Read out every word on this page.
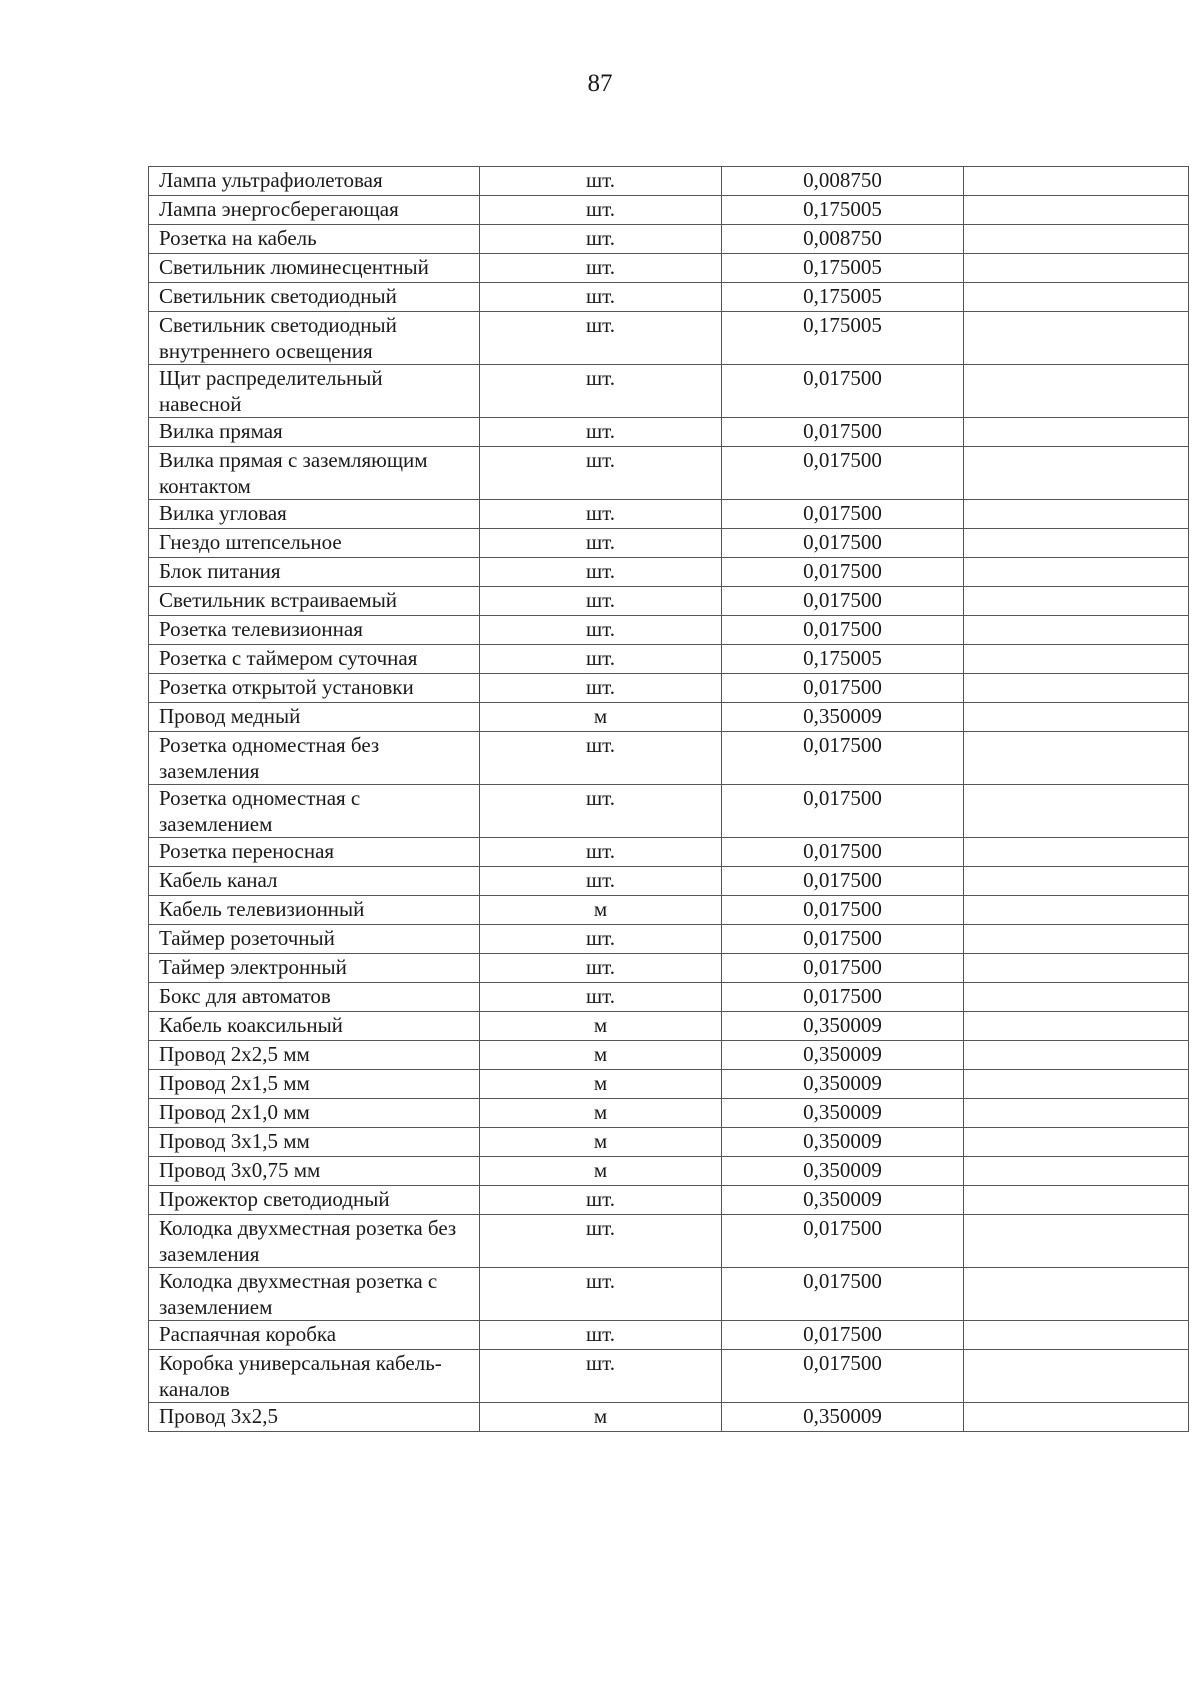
87
Лампа ультрафиолетовая	шт.	0,008750	
Лампа энергосберегающая	шт.	0,175005	
Розетка на кабель	шт.	0,008750	
Светильник люминесцентный	шт.	0,175005	
Светильник светодиодный	шт.	0,175005	
Светильник светодиодный внутреннего освещения	шт.	0,175005	
Щит распределительный навесной	шт.	0,017500	
Вилка прямая	шт.	0,017500	
Вилка прямая с заземляющим контактом	шт.	0,017500	
Вилка угловая	шт.	0,017500	
Гнездо штепсельное	шт.	0,017500	
Блок питания	шт.	0,017500	
Светильник встраиваемый	шт.	0,017500	
Розетка телевизионная	шт.	0,017500	
Розетка с таймером суточная	шт.	0,175005	
Розетка открытой установки	шт.	0,017500	
Провод медный	м	0,350009	
Розетка одноместная без заземления	шт.	0,017500	
Розетка одноместная с заземлением	шт.	0,017500	
Розетка переносная	шт.	0,017500	
Кабель канал	шт.	0,017500	
Кабель телевизионный	м	0,017500	
Таймер розеточный	шт.	0,017500	
Таймер электронный	шт.	0,017500	
Бокс для автоматов	шт.	0,017500	
Кабель коаксильный	м	0,350009	
Провод 2х2,5 мм	м	0,350009	
Провод 2х1,5 мм	м	0,350009	
Провод 2х1,0 мм	м	0,350009	
Провод 3х1,5 мм	м	0,350009	
Провод 3х0,75 мм	м	0,350009	
Прожектор светодиодный	шт.	0,350009	
Колодка двухместная розетка без заземления	шт.	0,017500	
Колодка двухместная розетка с заземлением	шт.	0,017500	
Распаячная коробка	шт.	0,017500	
Коробка универсальная кабель-каналов	шт.	0,017500	
Провод 3х2,5	м	0,350009	
